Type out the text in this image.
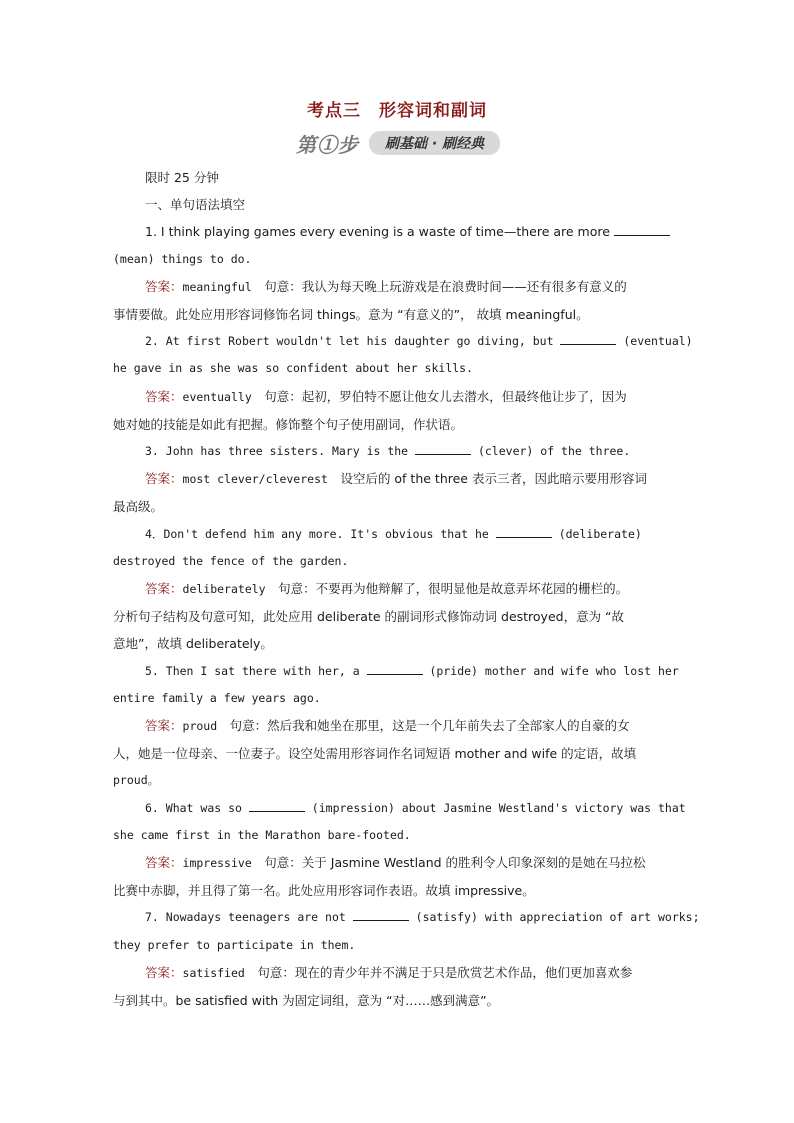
考点三　形容词和副词
第①步	刷基础 · 刷经典
限时 25 分钟
一、单句语法填空
1. I think playing games every evening is a waste of time—there are more
(mean) things to do.
答案：meaningful　 句意：我认为每天晚上玩游戏是在浪费时间——还有很多有意义的
事情要做。此处应用形容词修饰名词 things。意为 “有意义的”， 故填 meaningful。
2. At first Robert wouldn't let his daughter go diving, but	(eventual)
he gave in as she was so confident about her skills.
答案：eventually　 句意：起初，罗伯特不愿让他女儿去潜水，但最终他让步了，因为
她对她的技能是如此有把握。修饰整个句子使用副词，作状语。
3. John has three sisters. Mary is the	(clever) of the three.
答案：most clever/cleverest　 设空后的 of the three 表示三者，因此暗示要用形容词
最高级。
4．Don't defend him any more. It's obvious that he	(deliberate)
destroyed the fence of the garden.
答案：deliberately　 句意：不要再为他辩解了，很明显他是故意弄坏花园的栅栏的。
分析句子结构及句意可知，此处应用 deliberate 的副词形式修饰动词 destroyed，意为 “故
意地”，故填 deliberately。
5. Then I sat there with her, a	(pride) mother and wife who lost her
entire family a few years ago.
答案：proud　 句意：然后我和她坐在那里，这是一个几年前失去了全部家人的自豪的女
人，她是一位母亲、一位妻子。设空处需用形容词作名词短语 mother and wife 的定语，故填
proud。
6. What was so	(impression) about Jasmine Westland's victory was that
she came first in the Marathon bare-footed.
答案：impressive　 句意：关于 Jasmine Westland 的胜利令人印象深刻的是她在马拉松
比赛中赤脚，并且得了第一名。此处应用形容词作表语。故填 impressive。
7. Nowadays teenagers are not	(satisfy) with appreciation of art works;
they prefer to participate in them.
答案：satisfied　 句意：现在的青少年并不满足于只是欣赏艺术作品，他们更加喜欢参
与到其中。be satisfied with 为固定词组，意为 “对……感到满意”。
